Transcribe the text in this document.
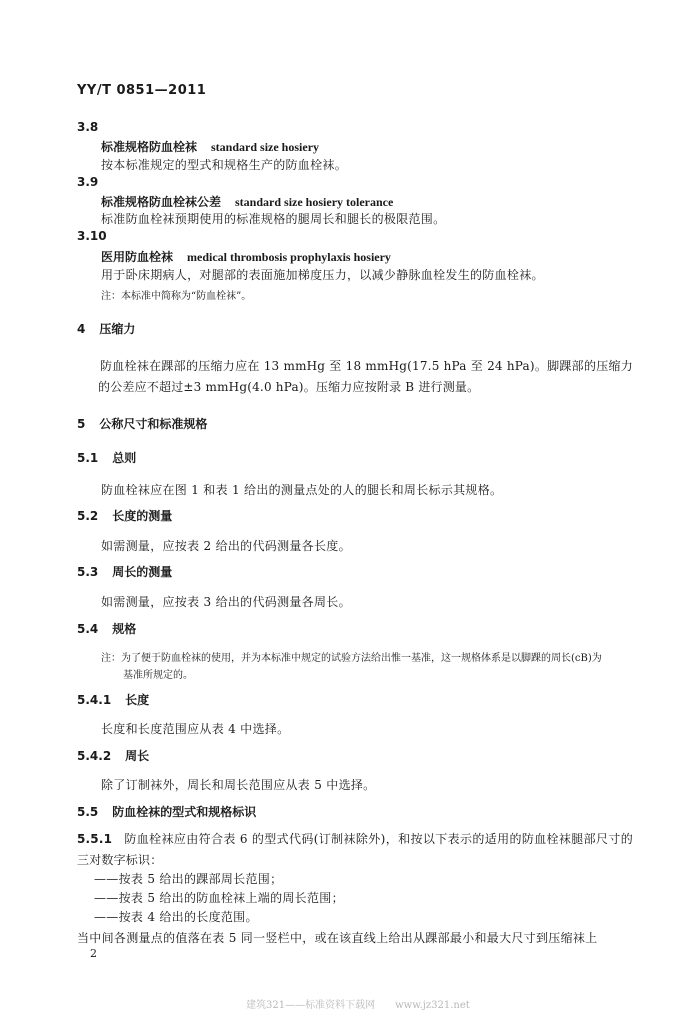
YY/T 0851—2011
3.8
标准规格防血栓袜 standard size hosiery
按本标准规定的型式和规格生产的防血栓袜。
3.9
标准规格防血栓袜公差 standard size hosiery tolerance
标准防血栓袜预期使用的标准规格的腿周长和腿长的极限范围。
3.10
医用防血栓袜 medical thrombosis prophylaxis hosiery
用于卧床期病人，对腿部的表面施加梯度压力，以减少静脉血栓发生的防血栓袜。
注：本标准中简称为“防血栓袜”。
4 压缩力
防血栓袜在踝部的压缩力应在 13 mmHg 至 18 mmHg(17.5 hPa 至 24 hPa)。脚踝部的压缩力的公差应不超过±3 mmHg(4.0 hPa)。压缩力应按附录 B 进行测量。
5 公称尺寸和标准规格
5.1 总则
防血栓袜应在图 1 和表 1 给出的测量点处的人的腿长和周长标示其规格。
5.2 长度的测量
如需测量，应按表 2 给出的代码测量各长度。
5.3 周长的测量
如需测量，应按表 3 给出的代码测量各周长。
5.4 规格
注：为了便于防血栓袜的使用，并为本标准中规定的试验方法给出惟一基准，这一规格体系是以脚踝的周长(cB)为
基准所规定的。
5.4.1 长度
长度和长度范围应从表 4 中选择。
5.4.2 周长
除了订制袜外，周长和周长范围应从表 5 中选择。
5.5 防血栓袜的型式和规格标识
5.5.1 防血栓袜应由符合表 6 的型式代码(订制袜除外)，和按以下表示的适用的防血栓袜腿部尺寸的三对数字标识：
——按表 5 给出的踝部周长范围；
——按表 5 给出的防血栓袜上端的周长范围；
——按表 4 给出的长度范围。
当中间各测量点的值落在表 5 同一竖栏中，或在该直线上给出从踝部最小和最大尺寸到压缩袜上
2
建筑321——标准资料下载网　　www.jz321.net
